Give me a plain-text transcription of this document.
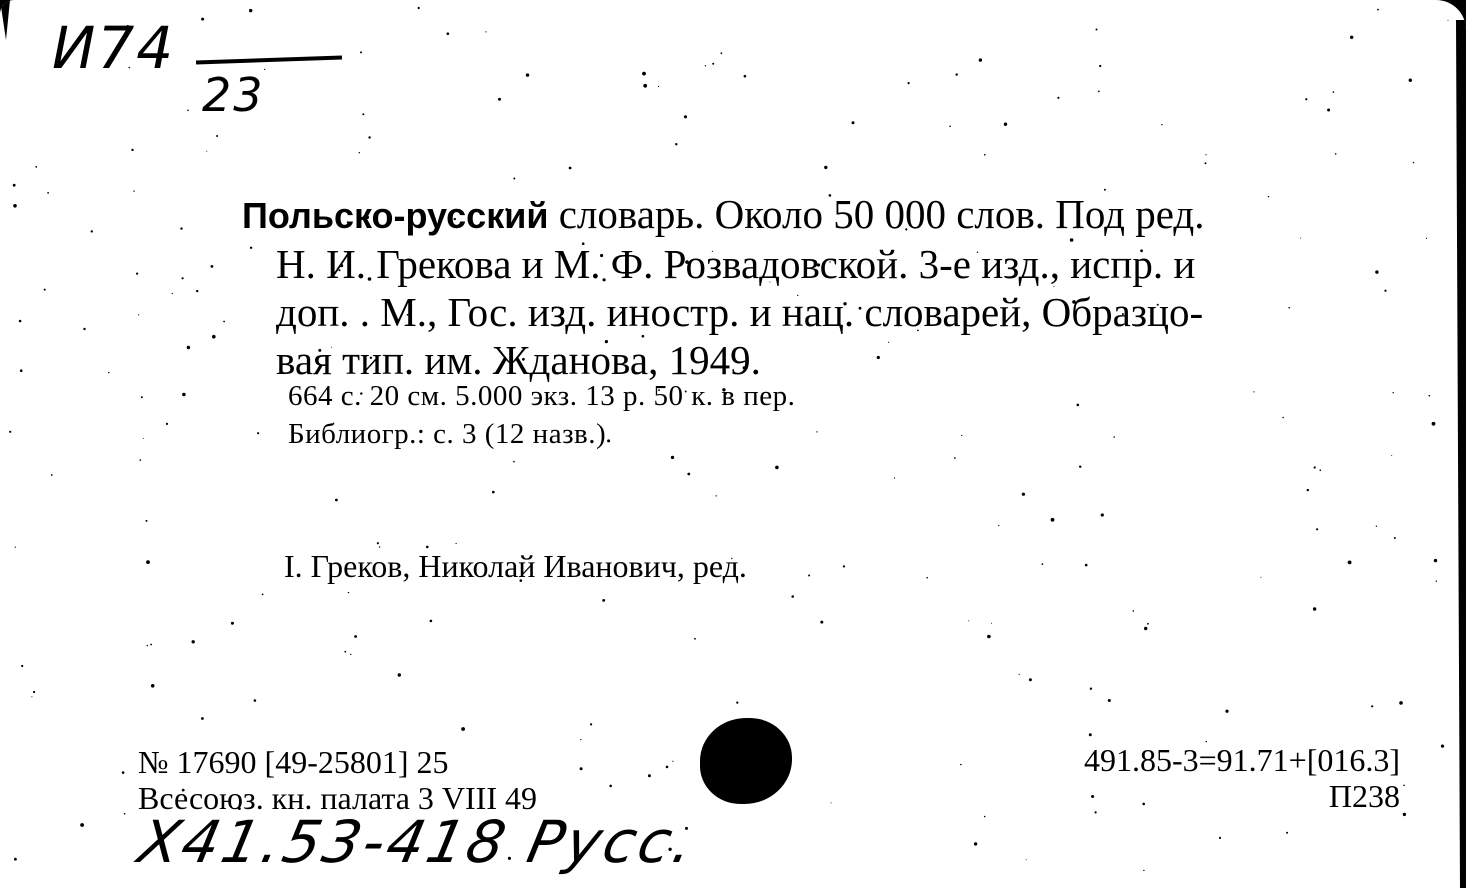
И74
23
Польско-русский словарь. Около 50 000 слов. Под ред.
Н. И. Грекова и М. Ф. Розвадовской. 3-е изд., испр. и
доп. . М., Гос. изд. иностр. и нац. словарей, Образцо-
вая тип. им. Жданова, 1949.
664 с. 20 см. 5.000 экз. 13 р. 50 к. в пер.
Библиогр.: с. 3 (12 назв.)
I. Греков, Николай Иванович, ред.
№ 17690 [49-25801] 25
Всесоюз. кн. палата 3 VIII 49
491.85-3=91.71+[016.3]
П238
Х41.53-418 Русс.
